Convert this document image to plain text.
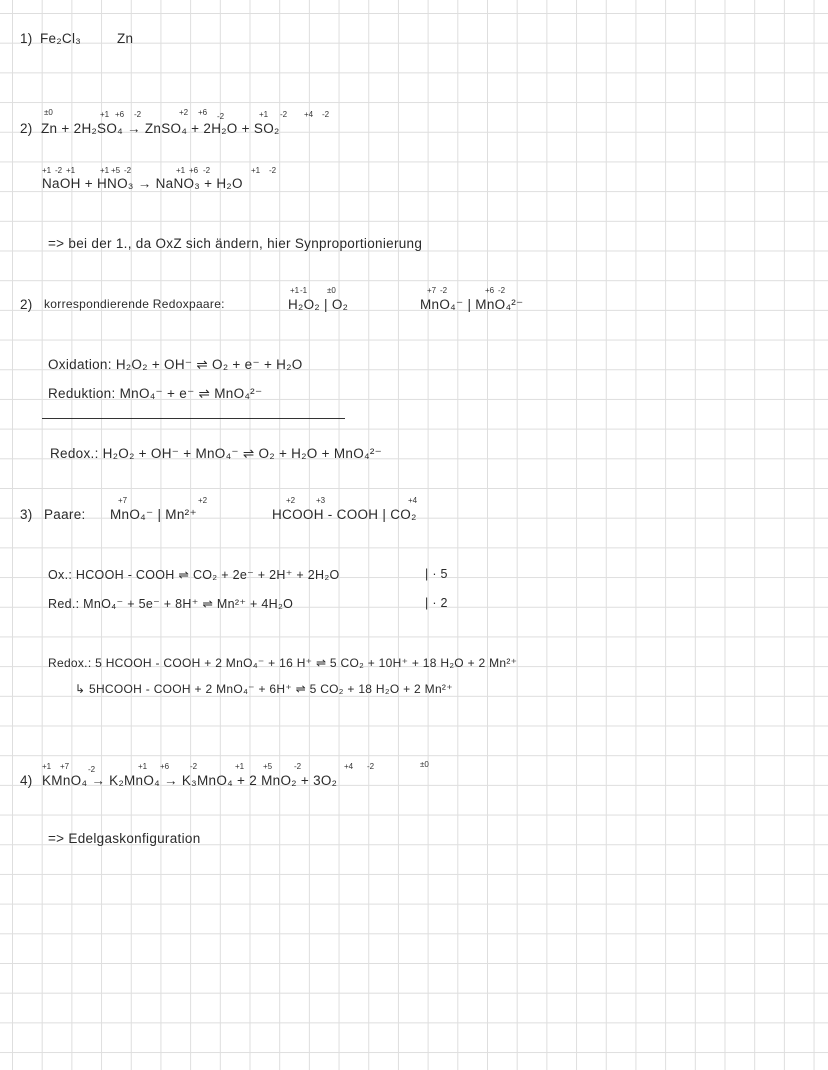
1) Fe₂Cl₃	Zn
2) Zn + 2H₂SO₄ → ZnSO₄ + 2H₂O + SO₂
±0	+1 +6 -2	+2 +6 -2	+1 -2 +4 -2
NaOH + HNO₃ → NaNO₃ + H₂O
+1 -2 +1	+1 +5 -2	+1 +6 -2	+1 -2
=> bei der 1., da OxZ sich ändern, hier Synproportionierung
2) korrespondierende Redoxpaare:	H₂O₂ | O₂	MnO₄⁻ | MnO₄²⁻
+1 -1 ±0	+7 -2	+6 -2
Oxidation: H₂O₂ + OH⁻ ⇌ O₂ + e⁻ + H₂O
Reduktion: MnO₄⁻ + e⁻ ⇌ MnO₄²⁻
Redox.: H₂O₂ + OH⁻ + MnO₄⁻ ⇌ O₂ + H₂O + MnO₄²⁻
3) Paare: MnO₄⁻ | Mn²⁺	HCOOH - COOH | CO₂
+7	+2	+2	+3	+4
Ox.: HCOOH - COOH ⇌ CO₂ + 2e⁻ + 2H⁺ + 2H₂O	| · 5
Red.: MnO₄⁻ + 5e⁻ + 8H⁺ ⇌ Mn²⁺ + 4H₂O	| · 2
Redox.: 5 HCOOH - COOH + 2 MnO₄⁻ + 16 H⁺ ⇌ 5 CO₂ + 10H⁺ + 18 H₂O + 2 Mn²⁺
↳ 5HCOOH - COOH + 2 MnO₄⁻ + 6H⁺ ⇌ 5 CO₂ + 18 H₂O + 2 Mn²⁺
4) KMnO₄ → K₂MnO₄ → K₃MnO₄ + 2 MnO₂ + 3O₂
+1 +7 -2	+1 +6	-2	+1 +5	-2	+4 -2	±0
=> Edelgaskonfiguration
